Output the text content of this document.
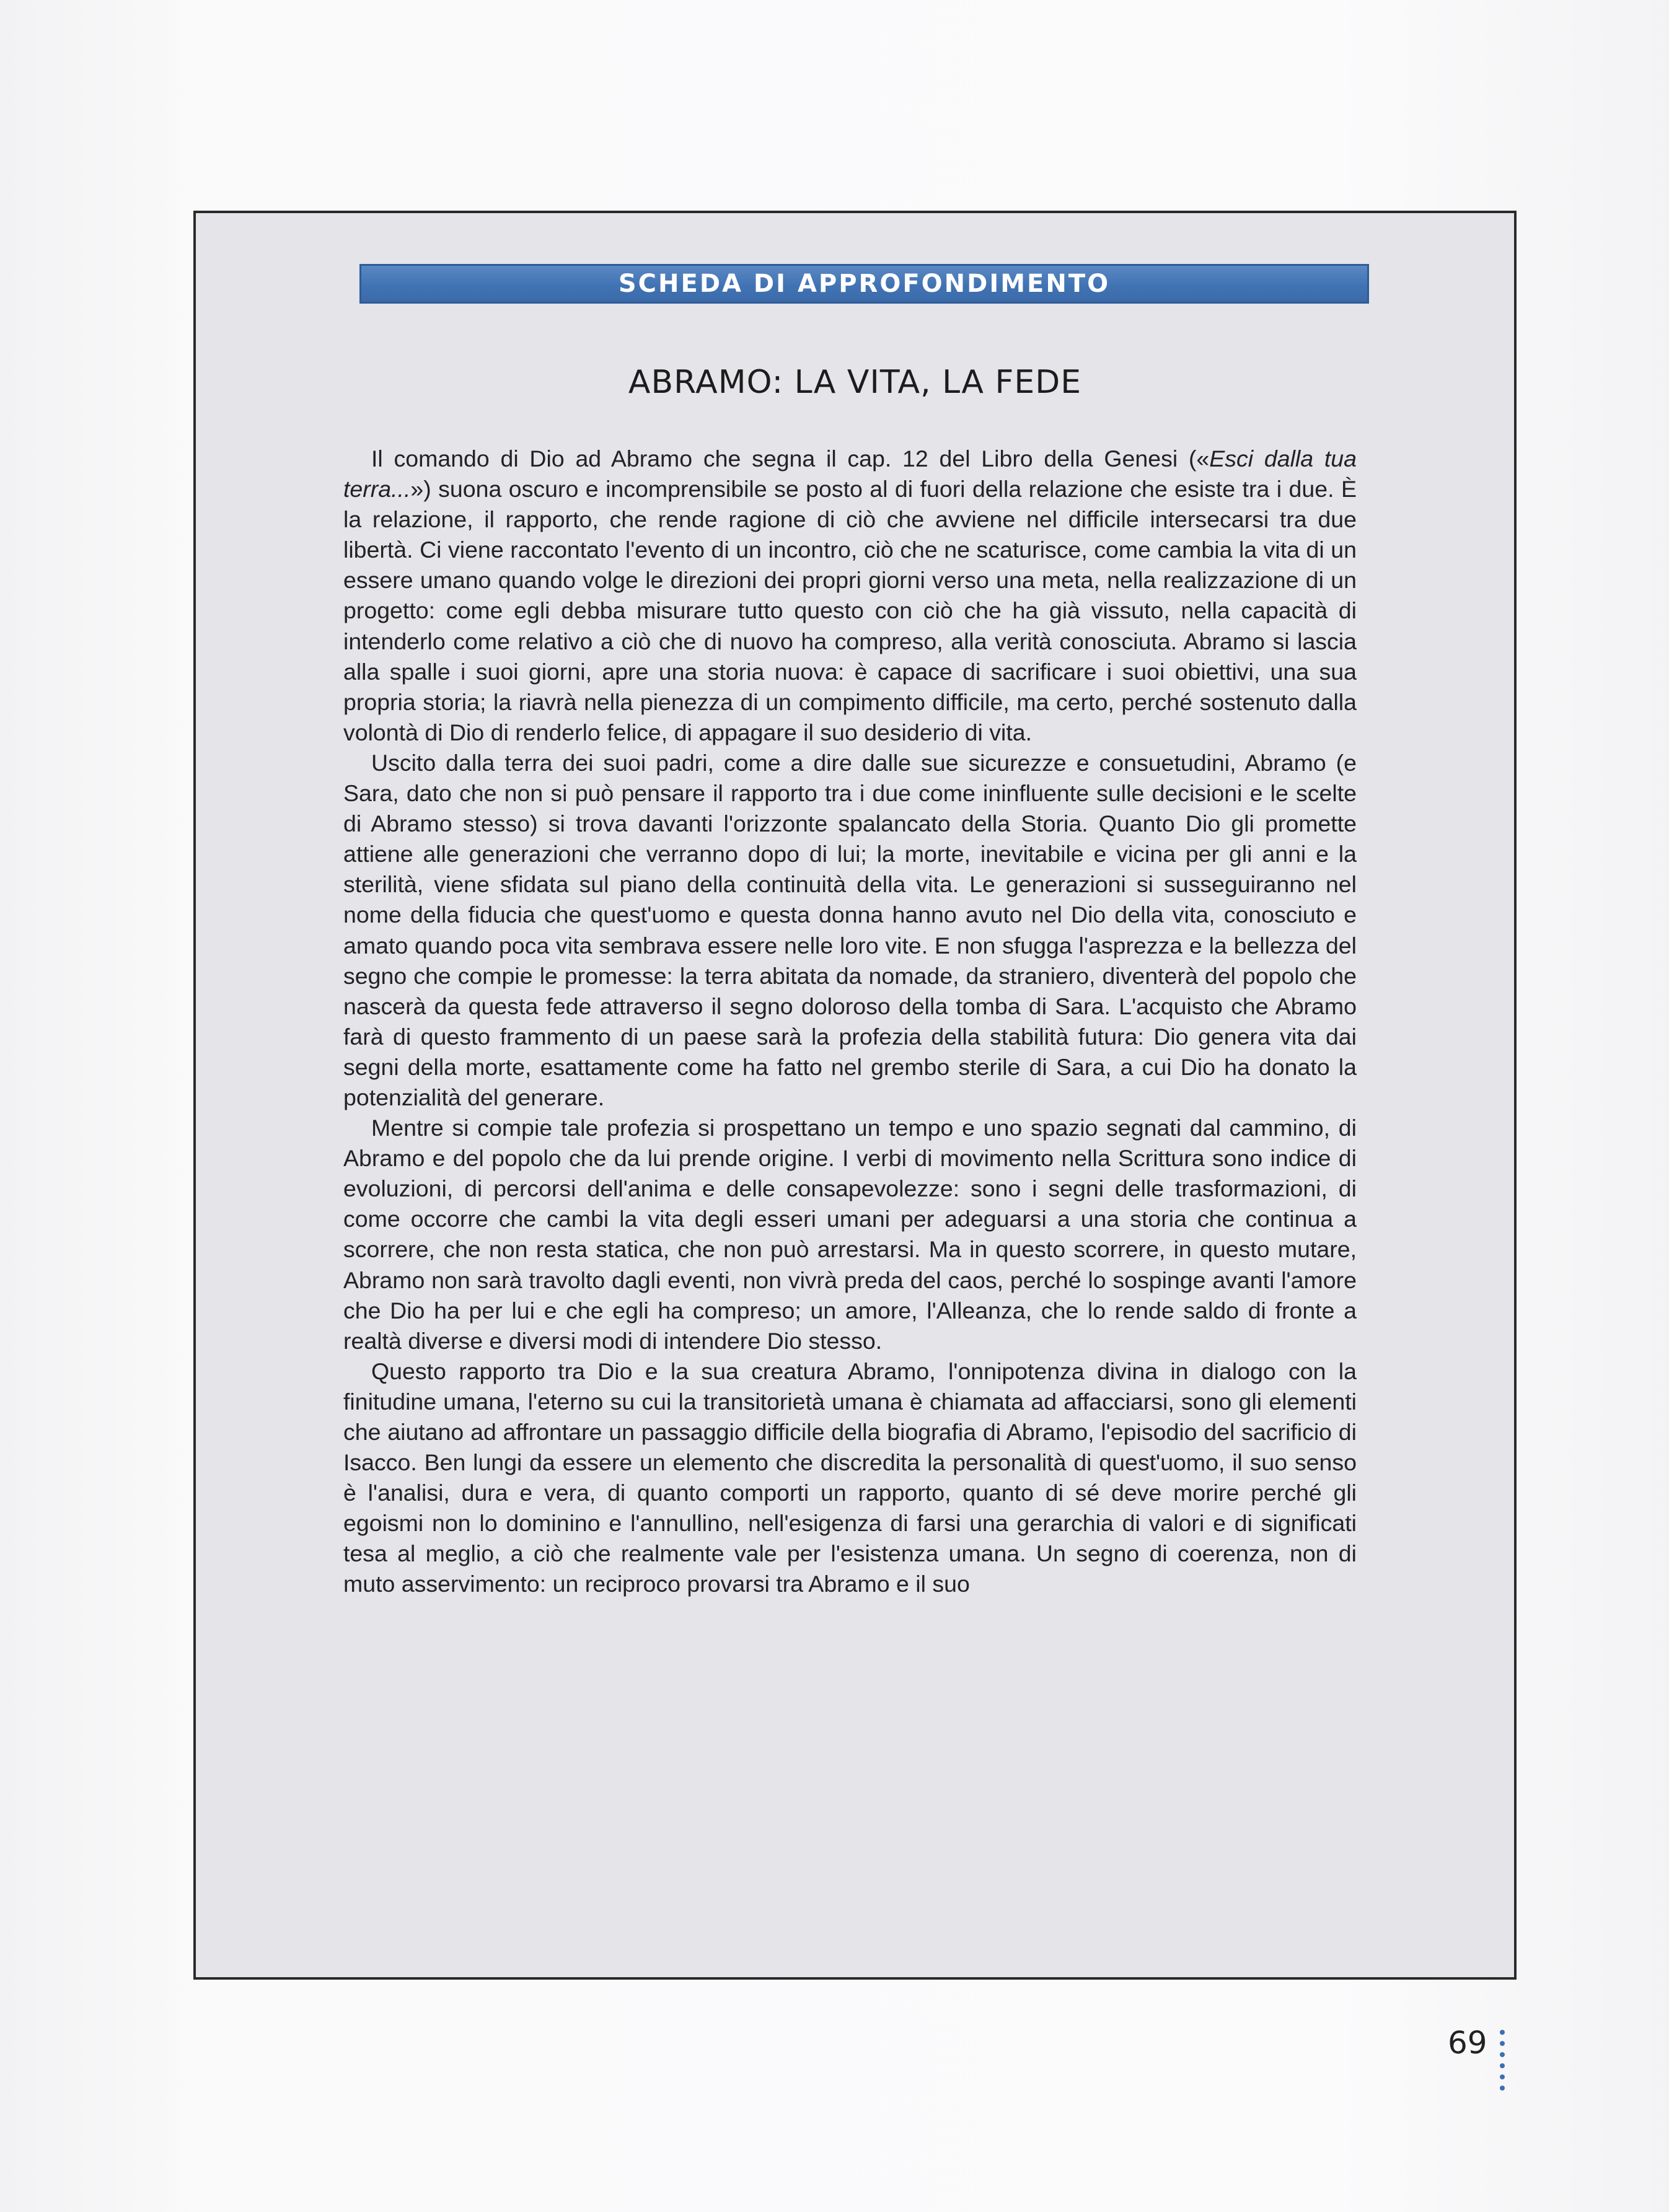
SCHEDA DI APPROFONDIMENTO
ABRAMO: LA VITA, LA FEDE

Il comando di Dio ad Abramo che segna il cap. 12 del Libro della Genesi («Esci dalla tua terra...») suona oscuro e incomprensibile se posto al di fuori della relazione che esiste tra i due. È la relazione, il rapporto, che rende ragione di ciò che avviene nel difficile intersecarsi tra due libertà. Ci viene raccontato l'evento di un incontro, ciò che ne scaturisce, come cambia la vita di un essere umano quando volge le direzioni dei propri giorni verso una meta, nella realizzazione di un progetto: come egli debba misurare tutto questo con ciò che ha già vissuto, nella capacità di intenderlo come relativo a ciò che di nuovo ha compreso, alla verità conosciuta. Abramo si lascia alla spalle i suoi giorni, apre una storia nuova: è capace di sacrificare i suoi obiettivi, una sua propria storia; la riavrà nella pienezza di un compimento difficile, ma certo, perché sostenuto dalla volontà di Dio di renderlo felice, di appagare il suo desiderio di vita.

Uscito dalla terra dei suoi padri, come a dire dalle sue sicurezze e consuetudini, Abramo (e Sara, dato che non si può pensare il rapporto tra i due come ininfluente sulle decisioni e le scelte di Abramo stesso) si trova davanti l'orizzonte spalancato della Storia. Quanto Dio gli promette attiene alle generazioni che verranno dopo di lui; la morte, inevitabile e vicina per gli anni e la sterilità, viene sfidata sul piano della continuità della vita. Le generazioni si susseguiranno nel nome della fiducia che quest'uomo e questa donna hanno avuto nel Dio della vita, conosciuto e amato quando poca vita sembrava essere nelle loro vite. E non sfugga l'asprezza e la bellezza del segno che compie le promesse: la terra abitata da nomade, da straniero, diventerà del popolo che nascerà da questa fede attraverso il segno doloroso della tomba di Sara. L'acquisto che Abramo farà di questo frammento di un paese sarà la profezia della stabilità futura: Dio genera vita dai segni della morte, esattamente come ha fatto nel grembo sterile di Sara, a cui Dio ha donato la potenzialità del generare.

Mentre si compie tale profezia si prospettano un tempo e uno spazio segnati dal cammino, di Abramo e del popolo che da lui prende origine. I verbi di movimento nella Scrittura sono indice di evoluzioni, di percorsi dell'anima e delle consapevolezze: sono i segni delle trasformazioni, di come occorre che cambi la vita degli esseri umani per adeguarsi a una storia che continua a scorrere, che non resta statica, che non può arrestarsi. Ma in questo scorrere, in questo mutare, Abramo non sarà travolto dagli eventi, non vivrà preda del caos, perché lo sospinge avanti l'amore che Dio ha per lui e che egli ha compreso; un amore, l'Alleanza, che lo rende saldo di fronte a realtà diverse e diversi modi di intendere Dio stesso.

Questo rapporto tra Dio e la sua creatura Abramo, l'onnipotenza divina in dialogo con la finitudine umana, l'eterno su cui la transitorietà umana è chiamata ad affacciarsi, sono gli elementi che aiutano ad affrontare un passaggio difficile della biografia di Abramo, l'episodio del sacrificio di Isacco. Ben lungi da essere un elemento che discredita la personalità di quest'uomo, il suo senso è l'analisi, dura e vera, di quanto comporti un rapporto, quanto di sé deve morire perché gli egoismi non lo dominino e l'annullino, nell'esigenza di farsi una gerarchia di valori e di significati tesa al meglio, a ciò che realmente vale per l'esistenza umana. Un segno di coerenza, non di muto asservimento: un reciproco provarsi tra Abramo e il suo

69
